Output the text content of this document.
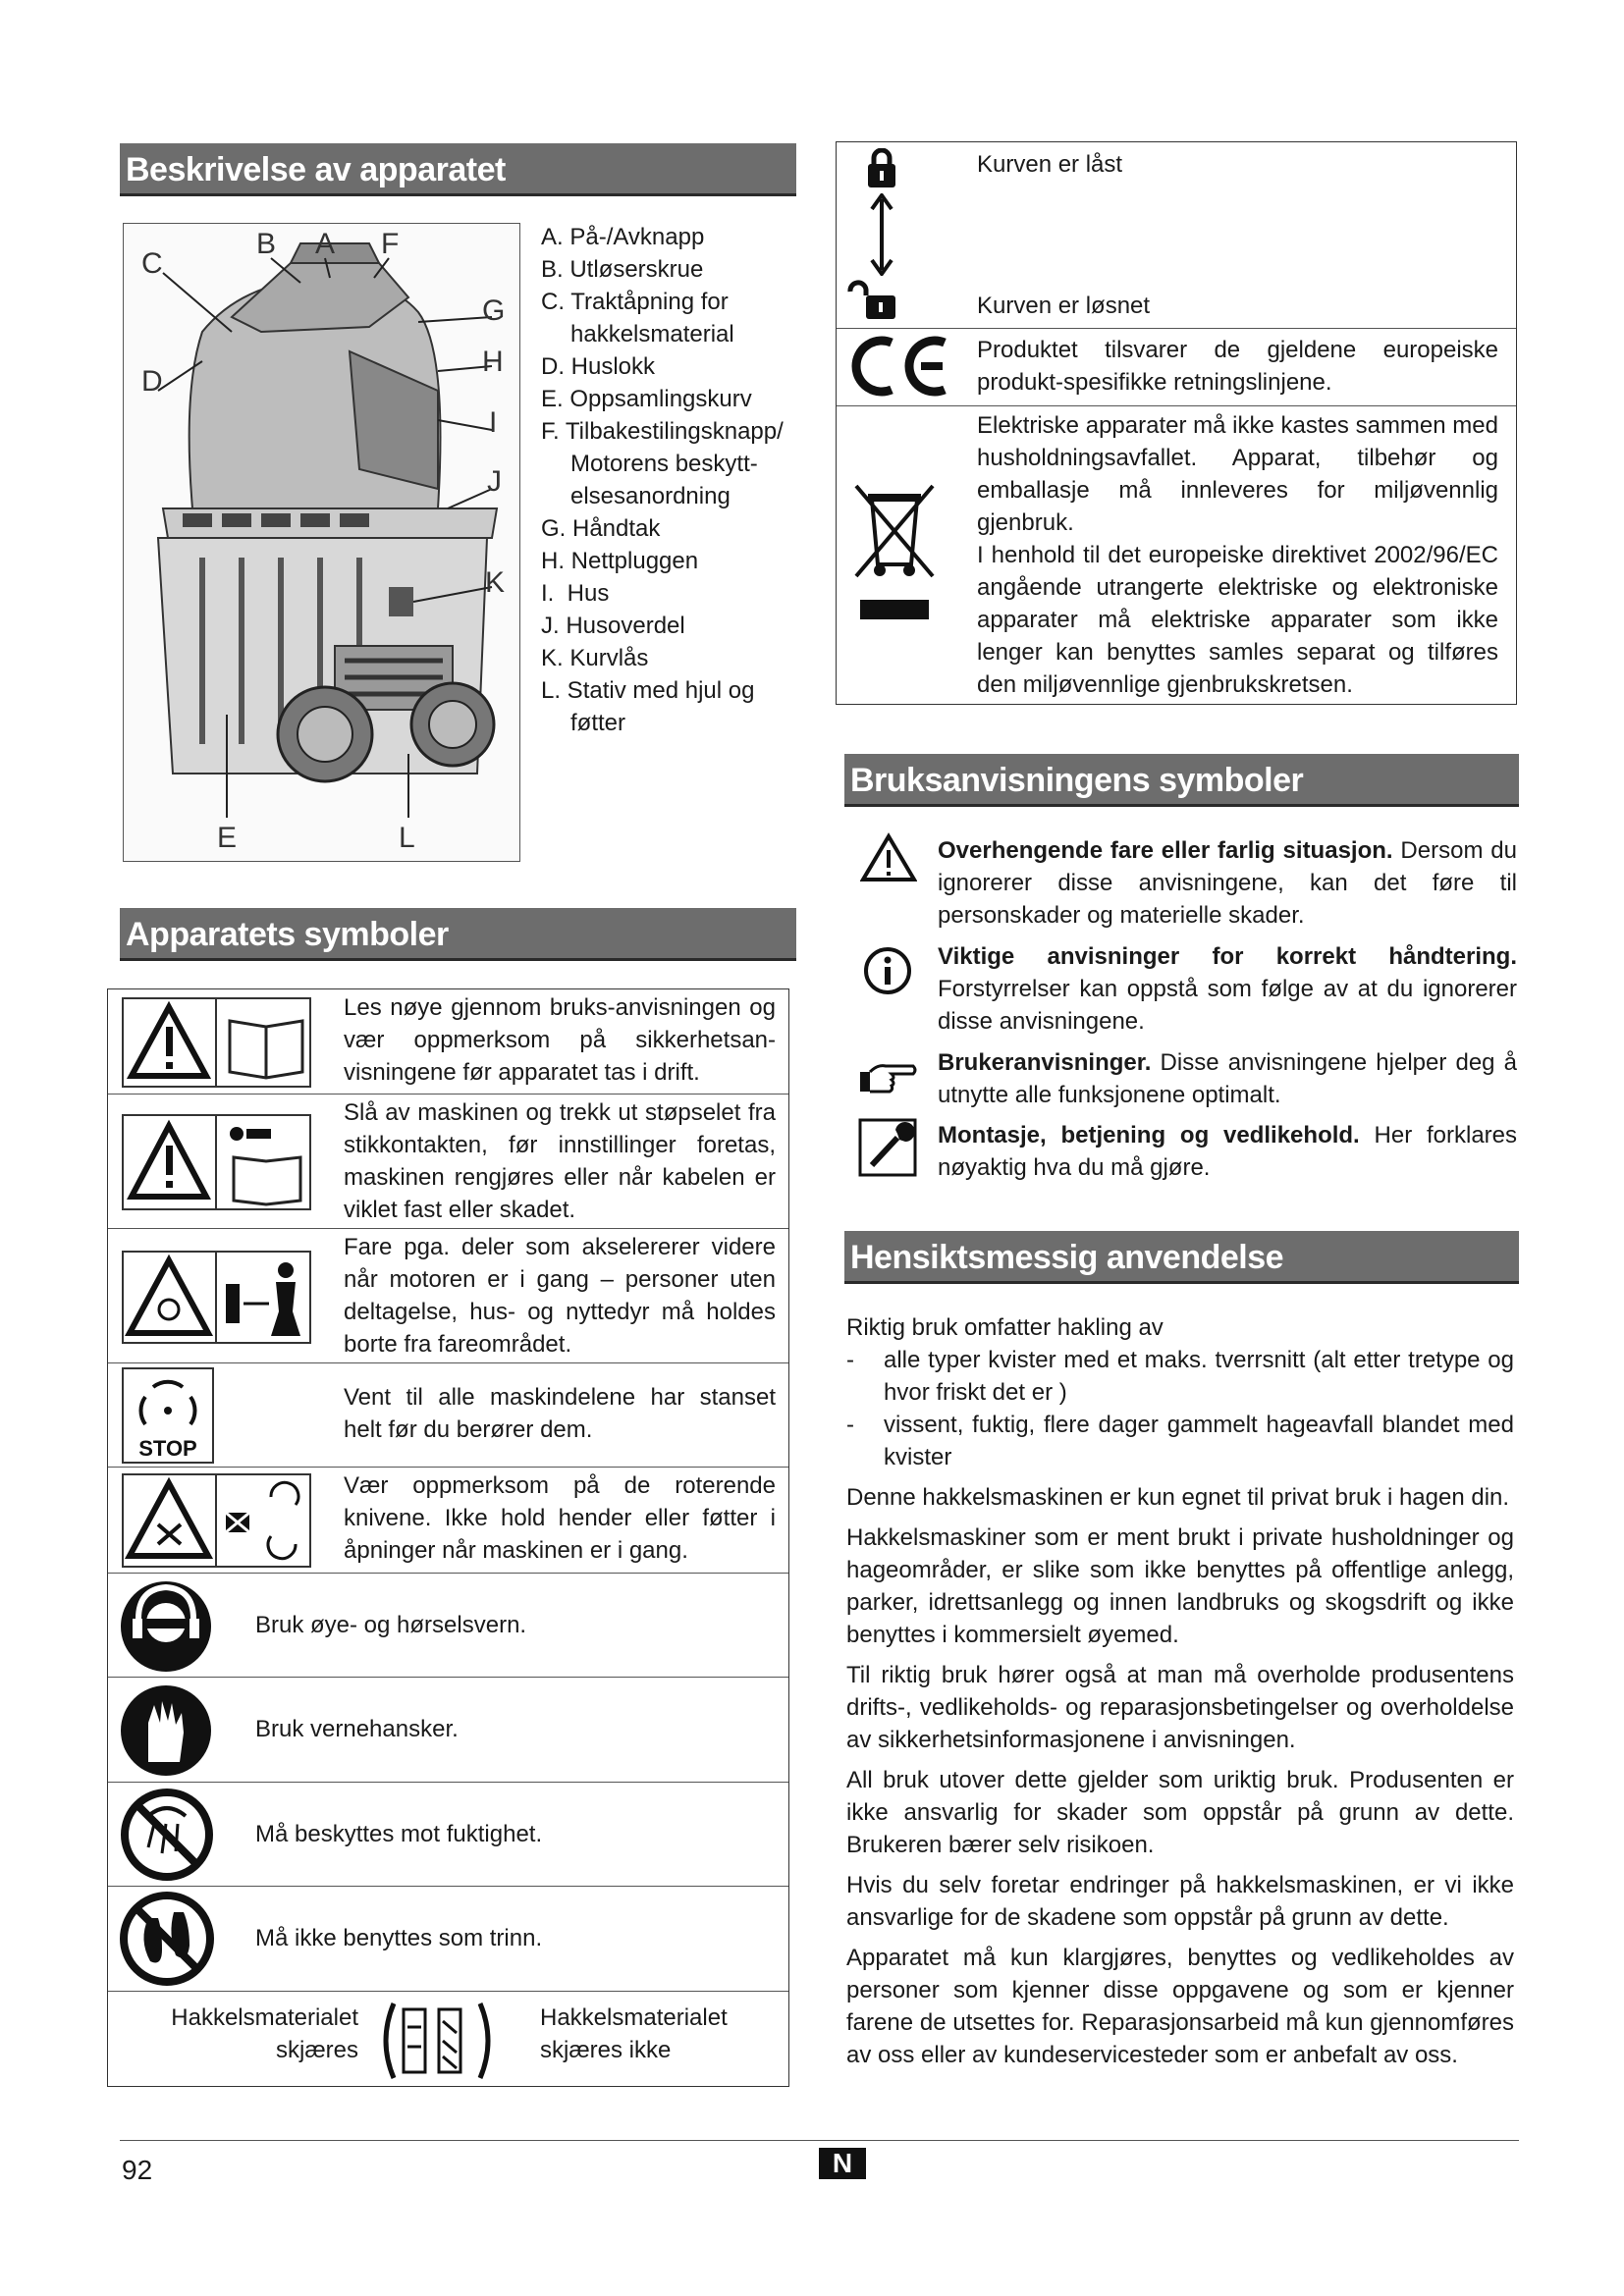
Beskrivelse av apparatet
C
B A F
G
H
D
I
J
K
E	L
A. På-/Avknapp
B. Utløserskrue
C. Traktåpning for
hakkelsmaterial
D. Huslokk
E. Oppsamlingskurv
F. Tilbakestilingsknapp/
Motorens beskytt-
elsesanordning
G. Håndtak
H. Nettpluggen
I.  Hus
J. Husoverdel
K. Kurvlås
L. Stativ med hjul og
føtter
Apparatets symboler
Les nøye gjennom bruks-anvisningen og vær oppmerksom på sikkerhetsan-visningene før apparatet tas i drift.
Slå av maskinen og trekk ut støpselet fra stikkontakten, før innstillinger foretas, maskinen rengjøres eller når kabelen er viklet fast eller skadet.
Fare pga. deler som akselererer videre når motoren er i gang – personer uten deltagelse, hus- og nyttedyr må holdes borte fra fareområdet.
STOP
Vent til alle maskindelene har stanset helt før du berører dem.
Vær oppmerksom på de roterende knivene. Ikke hold hender eller føtter i åpninger når maskinen er i gang.
Bruk øye- og hørselsvern.
Bruk vernehansker.
Må beskyttes mot fuktighet.
Må ikke benyttes som trinn.
Hakkelsmaterialet
skjæres
Hakkelsmaterialet
skjæres ikke
Kurven er låst
Kurven er løsnet
Produktet tilsvarer de gjeldene europeiske produkt-spesifikke retningslinjene.
Elektriske apparater må ikke kastes sammen med husholdningsavfallet. Apparat, tilbehør og emballasje må innleveres for miljøvennlig gjenbruk.
I henhold til det europeiske direktivet 2002/96/EC angående utrangerte elektriske og elektroniske apparater må elektriske apparater som ikke lenger kan benyttes samles separat og tilføres den miljøvennlige gjenbrukskretsen.
Bruksanvisningens symboler
Overhengende fare eller farlig situasjon. Dersom du ignorerer disse anvisningene, kan det føre til personskader og materielle skader.
Viktige anvisninger for korrekt håndtering. Forstyrrelser kan oppstå som følge av at du ignorerer disse anvisningene.
Brukeranvisninger. Disse anvisningene hjelper deg å utnytte alle funksjonene optimalt.
Montasje, betjening og vedlikehold. Her forklares nøyaktig hva du må gjøre.
Hensiktsmessig anvendelse
Riktig bruk omfatter hakling av
- alle typer kvister med et maks. tverrsnitt (alt etter tretype og hvor friskt det er )
- vissent, fuktig, flere dager gammelt hageavfall blandet med kvister
Denne hakkelsmaskinen er kun egnet til privat bruk i hagen din.
Hakkelsmaskiner som er ment brukt i private husholdninger og hageområder, er slike som ikke benyttes på offentlige anlegg, parker, idrettsanlegg og innen landbruks og skogsdrift og ikke benyttes i kommersielt øyemed.
Til riktig bruk hører også at man må overholde produsentens drifts-, vedlikeholds- og reparasjonsbetingelser og overholdelse av sikkerhetsinformasjonene i anvisningen.
All bruk utover dette gjelder som uriktig bruk. Produsenten er ikke ansvarlig for skader som oppstår på grunn av dette. Brukeren bærer selv risikoen.
Hvis du selv foretar endringer på hakkelsmaskinen, er vi ikke ansvarlige for de skadene som oppstår på grunn av dette.
Apparatet må kun klargjøres, benyttes og vedlikeholdes av personer som kjenner disse oppgavene og som er kjenner farene de utsettes for. Reparasjonsarbeid må kun gjennomføres av oss eller av kundeservicesteder som er anbefalt av oss.
92	N
